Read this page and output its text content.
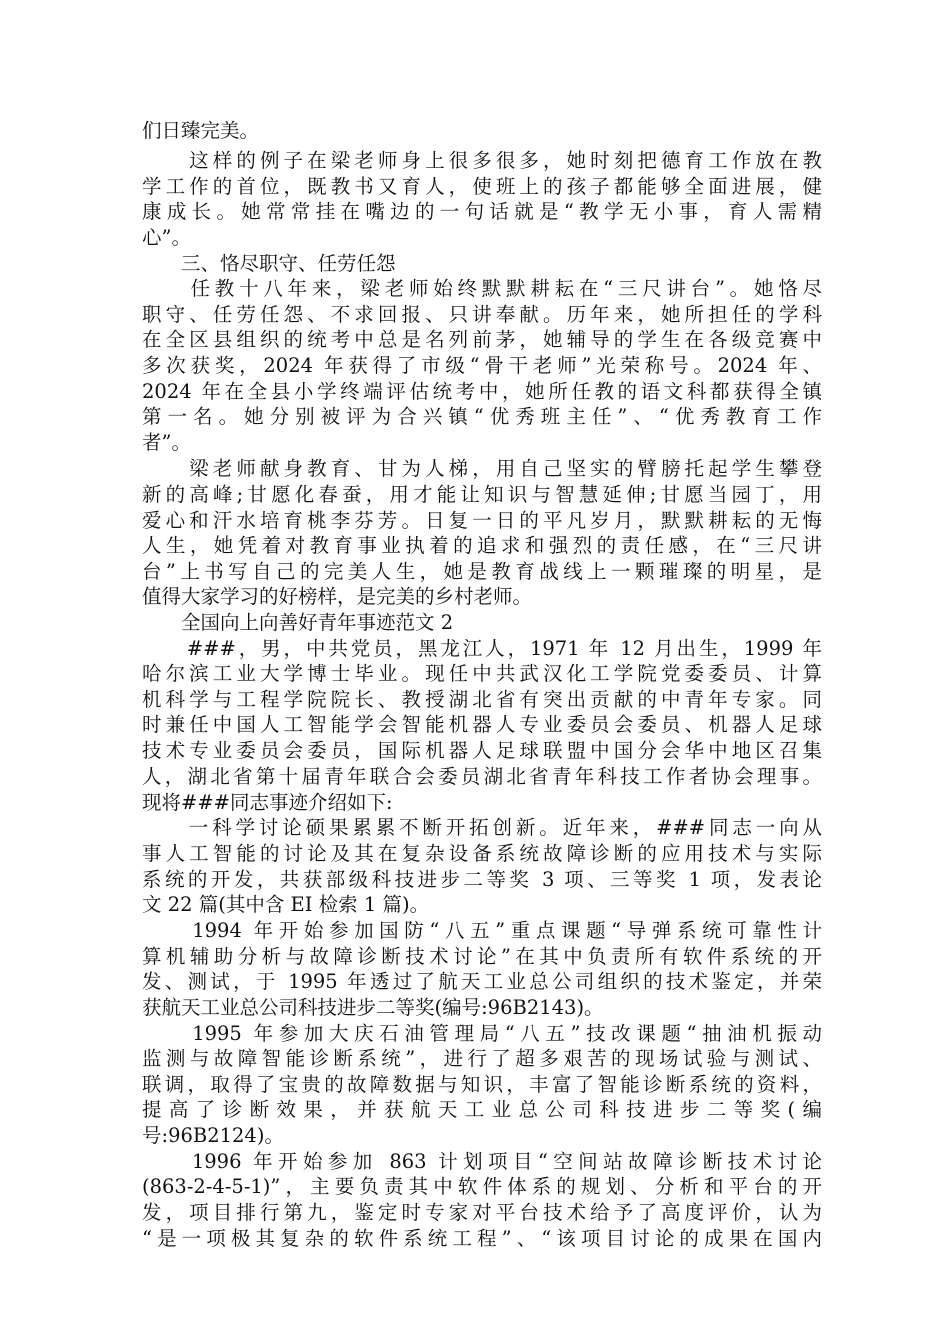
们日臻完美。
　　这样的例子在梁老师身上很多很多，她时刻把德育工作放在教
学工作的首位，既教书又育人，使班上的孩子都能够全面进展，健
康成长。她常常挂在嘴边的一句话就是“教学无小事，育人需精
心”。
　　三、恪尽职守、任劳任怨
　　任教十八年来，梁老师始终默默耕耘在“三尺讲台”。她恪尽
职守、任劳任怨、不求回报、只讲奉献。历年来，她所担任的学科
在全区县组织的统考中总是名列前茅，她辅导的学生在各级竞赛中
多次获奖，2024 年获得了市级“骨干老师”光荣称号。2024 年、
2024 年在全县小学终端评估统考中，她所任教的语文科都获得全镇
第一名。她分别被评为合兴镇“优秀班主任”、“优秀教育工作
者”。
　　梁老师献身教育、甘为人梯，用自己坚实的臂膀托起学生攀登
新的高峰;甘愿化春蚕，用才能让知识与智慧延伸;甘愿当园丁，用
爱心和汗水培育桃李芬芳。日复一日的平凡岁月，默默耕耘的无悔
人生，她凭着对教育事业执着的追求和强烈的责任感，在“三尺讲
台”上书写自己的完美人生，她是教育战线上一颗璀璨的明星，是
值得大家学习的好榜样，是完美的乡村老师。
　　全国向上向善好青年事迹范文 2
　　###，男，中共党员，黑龙江人，1971 年 12 月出生，1999 年
哈尔滨工业大学博士毕业。现任中共武汉化工学院党委委员、计算
机科学与工程学院院长、教授湖北省有突出贡献的中青年专家。同
时兼任中国人工智能学会智能机器人专业委员会委员、机器人足球
技术专业委员会委员，国际机器人足球联盟中国分会华中地区召集
人，湖北省第十届青年联合会委员湖北省青年科技工作者协会理事。
现将###同志事迹介绍如下:
　　一科学讨论硕果累累不断开拓创新。近年来，###同志一向从
事人工智能的讨论及其在复杂设备系统故障诊断的应用技术与实际
系统的开发，共获部级科技进步二等奖 3 项、三等奖 1 项，发表论
文 22 篇(其中含 EI 检索 1 篇)。
　　1994 年开始参加国防“八五”重点课题“导弹系统可靠性计
算机辅助分析与故障诊断技术讨论”在其中负责所有软件系统的开
发、测试，于 1995 年透过了航天工业总公司组织的技术鉴定，并荣
获航天工业总公司科技进步二等奖(编号:96B2143)。
　　1995 年参加大庆石油管理局“八五”技改课题“抽油机振动
监测与故障智能诊断系统”，进行了超多艰苦的现场试验与测试、
联调，取得了宝贵的故障数据与知识，丰富了智能诊断系统的资料，
提高了诊断效果，并获航天工业总公司科技进步二等奖(编
号:96B2124)。
　　1996 年开始参加 863 计划项目“空间站故障诊断技术讨论
(863-2-4-5-1)”，主要负责其中软件体系的规划、分析和平台的开
发，项目排行第九，鉴定时专家对平台技术给予了高度评价，认为
“是一项极其复杂的软件系统工程”、“该项目讨论的成果在国内
